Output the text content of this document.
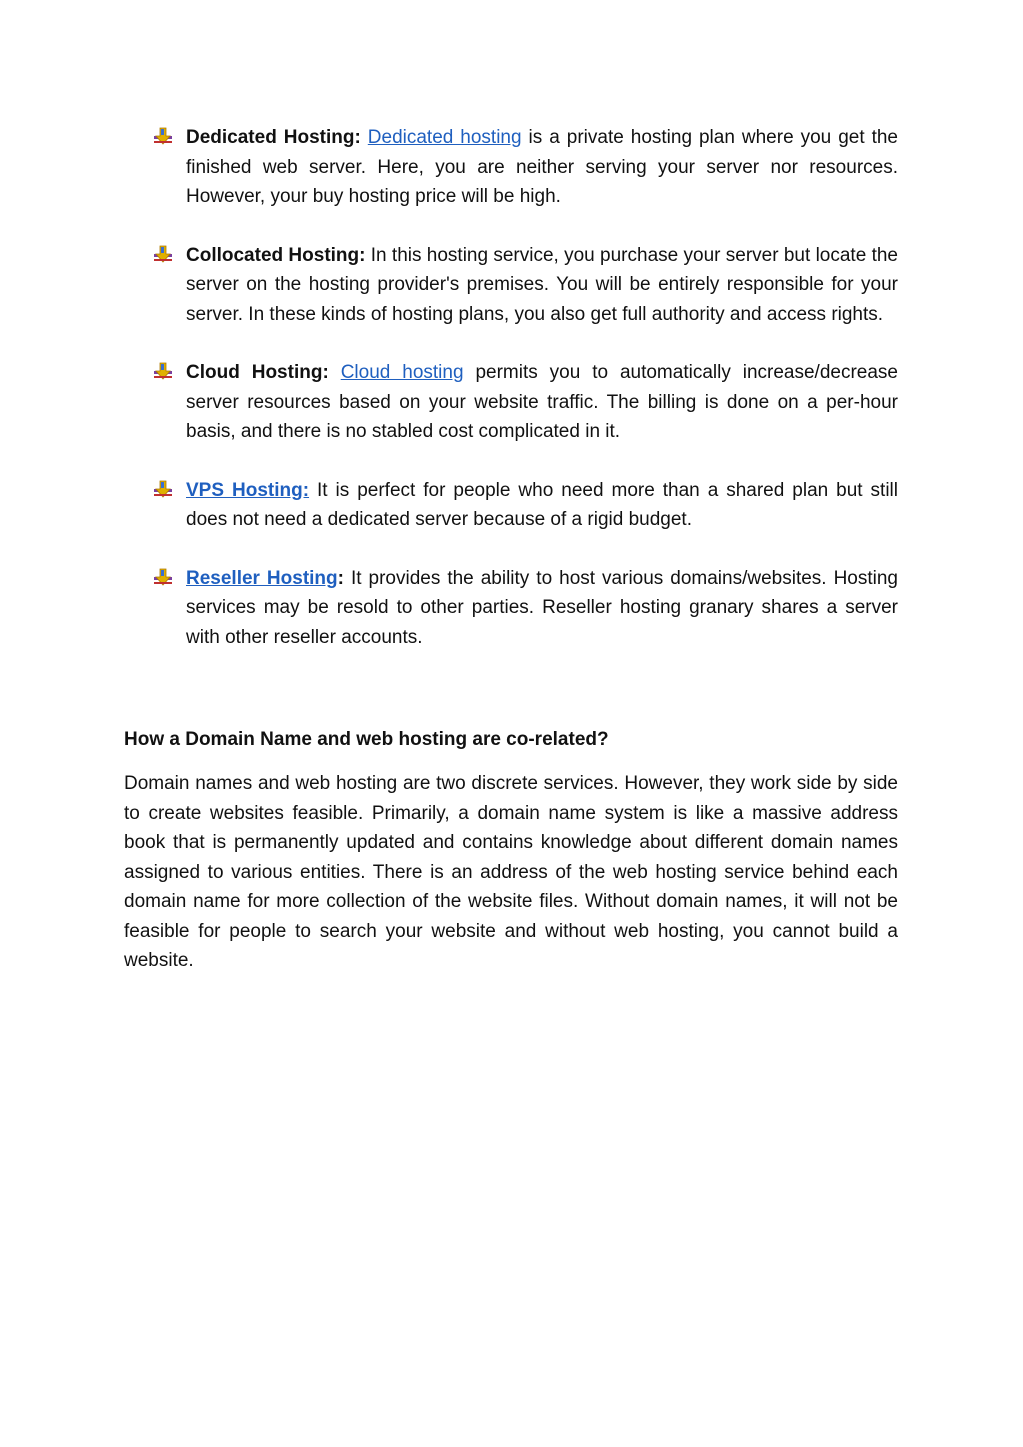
Dedicated Hosting: Dedicated hosting is a private hosting plan where you get the finished web server. Here, you are neither serving your server nor resources. However, your buy hosting price will be high.
Collocated Hosting: In this hosting service, you purchase your server but locate the server on the hosting provider's premises. You will be entirely responsible for your server. In these kinds of hosting plans, you also get full authority and access rights.
Cloud Hosting: Cloud hosting permits you to automatically increase/decrease server resources based on your website traffic. The billing is done on a per-hour basis, and there is no stabled cost complicated in it.
VPS Hosting: It is perfect for people who need more than a shared plan but still does not need a dedicated server because of a rigid budget.
Reseller Hosting: It provides the ability to host various domains/websites. Hosting services may be resold to other parties. Reseller hosting granary shares a server with other reseller accounts.
How a Domain Name and web hosting are co-related?

Domain names and web hosting are two discrete services. However, they work side by side to create websites feasible. Primarily, a domain name system is like a massive address book that is permanently updated and contains knowledge about different domain names assigned to various entities. There is an address of the web hosting service behind each domain name for more collection of the website files. Without domain names, it will not be feasible for people to search your website and without web hosting, you cannot build a website.
